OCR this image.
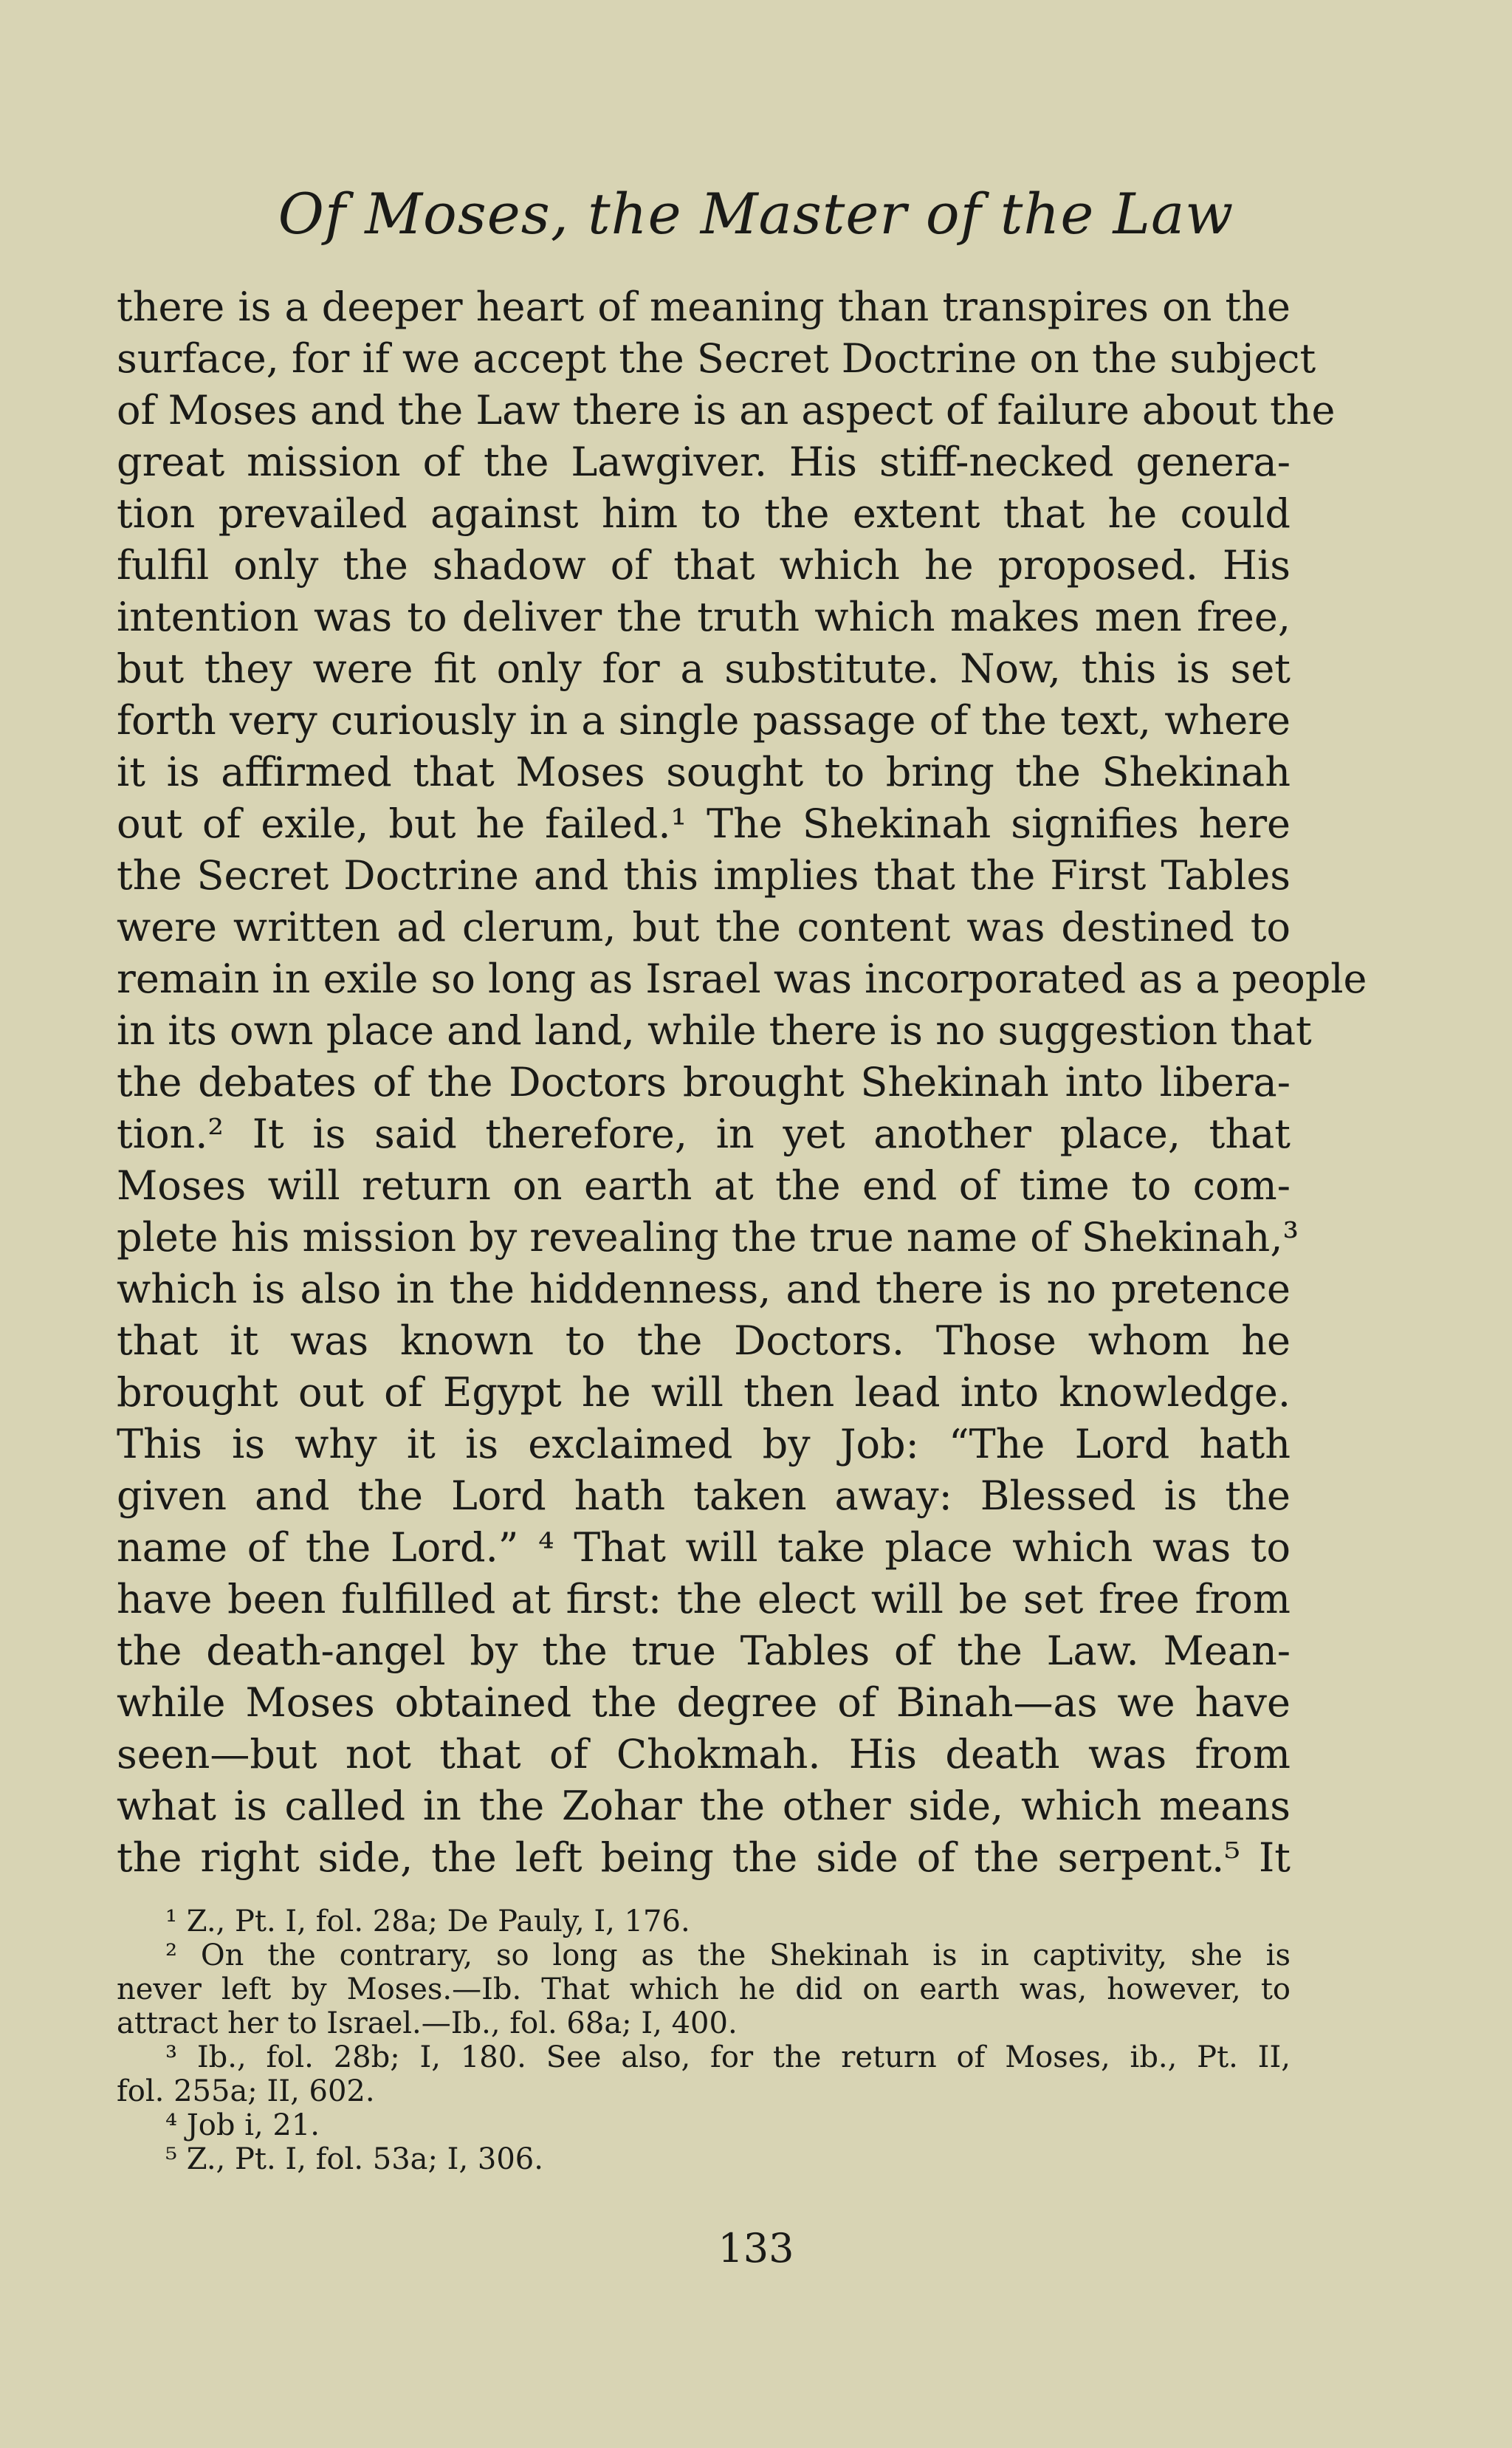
Of Moses, the Master of the Law
there is a deeper heart of meaning than transpires on the
surface, for if we accept the Secret Doctrine on the subject
of Moses and the Law there is an aspect of failure about the
great mission of the Lawgiver. His stiff-necked genera-
tion prevailed against him to the extent that he could
fulfil only the shadow of that which he proposed. His
intention was to deliver the truth which makes men free,
but they were fit only for a substitute. Now, this is set
forth very curiously in a single passage of the text, where
it is affirmed that Moses sought to bring the Shekinah
out of exile, but he failed.¹ The Shekinah signifies here
the Secret Doctrine and this implies that the First Tables
were written ad clerum, but the content was destined to
remain in exile so long as Israel was incorporated as a people
in its own place and land, while there is no suggestion that
the debates of the Doctors brought Shekinah into libera-
tion.² It is said therefore, in yet another place, that
Moses will return on earth at the end of time to com-
plete his mission by revealing the true name of Shekinah,³
which is also in the hiddenness, and there is no pretence
that it was known to the Doctors. Those whom he
brought out of Egypt he will then lead into knowledge.
This is why it is exclaimed by Job: “The Lord hath
given and the Lord hath taken away: Blessed is the
name of the Lord.” ⁴ That will take place which was to
have been fulfilled at first: the elect will be set free from
the death-angel by the true Tables of the Law. Mean-
while Moses obtained the degree of Binah—as we have
seen—but not that of Chokmah. His death was from
what is called in the Zohar the other side, which means
the right side, the left being the side of the serpent.⁵ It
¹ Z., Pt. I, fol. 28a; De Pauly, I, 176.
² On the contrary, so long as the Shekinah is in captivity, she is
never left by Moses.—Ib. That which he did on earth was, however, to
attract her to Israel.—Ib., fol. 68a; I, 400.
³ Ib., fol. 28b; I, 180. See also, for the return of Moses, ib., Pt. II,
fol. 255a; II, 602.
⁴ Job i, 21.
⁵ Z., Pt. I, fol. 53a; I, 306.
133
